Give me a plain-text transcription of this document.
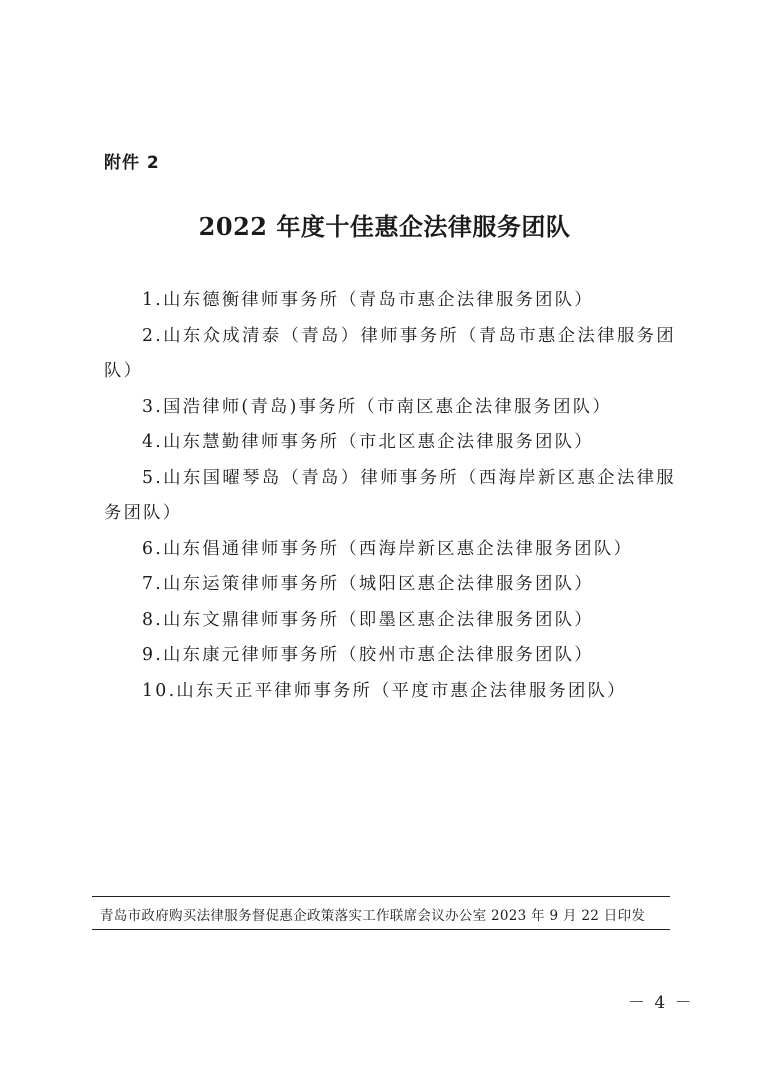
附件 2

2022 年度十佳惠企法律服务团队
1.山东德衡律师事务所（青岛市惠企法律服务团队）
2.山东众成清泰（青岛）律师事务所（青岛市惠企法律服务团队）
3.国浩律师(青岛)事务所（市南区惠企法律服务团队）
4.山东慧勤律师事务所（市北区惠企法律服务团队）
5.山东国曜琴岛（青岛）律师事务所（西海岸新区惠企法律服务团队）
6.山东倡通律师事务所（西海岸新区惠企法律服务团队）
7.山东运策律师事务所（城阳区惠企法律服务团队）
8.山东文鼎律师事务所（即墨区惠企法律服务团队）
9.山东康元律师事务所（胶州市惠企法律服务团队）
10.山东天正平律师事务所（平度市惠企法律服务团队）

青岛市政府购买法律服务督促惠企政策落实工作联席会议办公室 2023 年 9 月 22 日印发

－ 4 －
